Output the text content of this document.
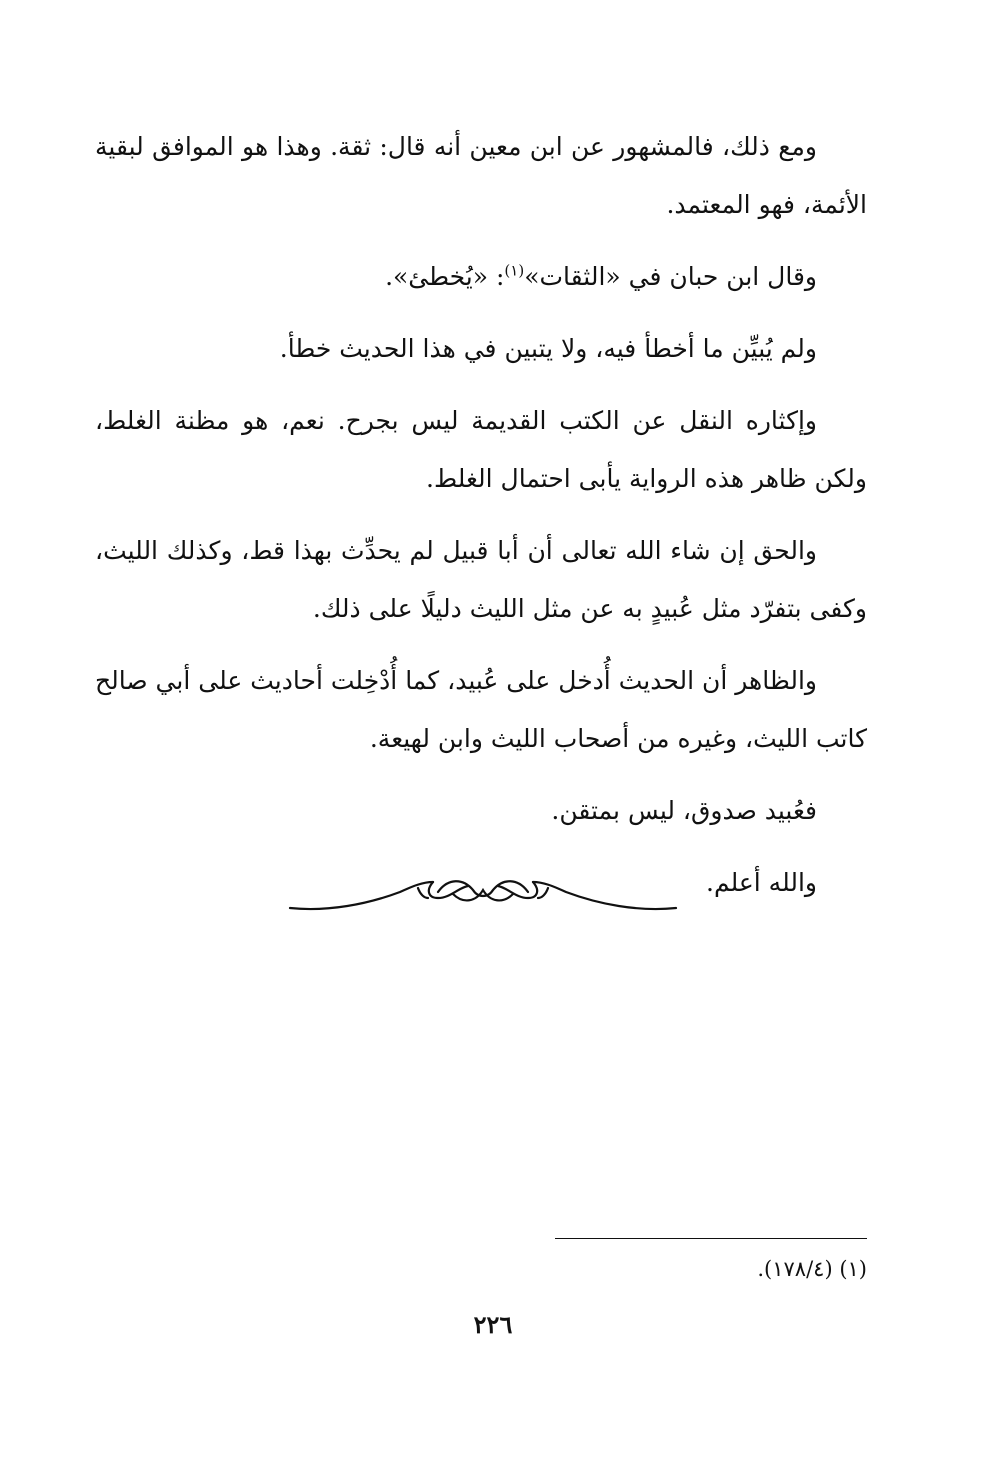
ومع ذلك، فالمشهور عن ابن معين أنه قال: ثقة. وهذا هو الموافق لبقية الأئمة، فهو المعتمد.

وقال ابن حبان في «الثقات»$^{(١)}$: «يُخطئ».

ولم يُبيِّن ما أخطأ فيه، ولا يتبين في هذا الحديث خطأ.

وإكثاره النقل عن الكتب القديمة ليس بجرح. نعم، هو مظنة الغلط، ولكن ظاهر هذه الرواية يأبى احتمال الغلط.

والحق إن شاء الله تعالى أن أبا قبيل لم يحدِّث بهذا قط، وكذلك الليث، وكفى بتفرّد مثل عُبيدٍ به عن مثل الليث دليلًا على ذلك.

والظاهر أن الحديث أُدخل على عُبيد، كما أُدْخِلت أحاديث على أبي صالح كاتب الليث، وغيره من أصحاب الليث وابن لهيعة.

فعُبيد صدوق، ليس بمتقن.

والله أعلم.

(١) (١٧٨/٤).
٢٢٦
